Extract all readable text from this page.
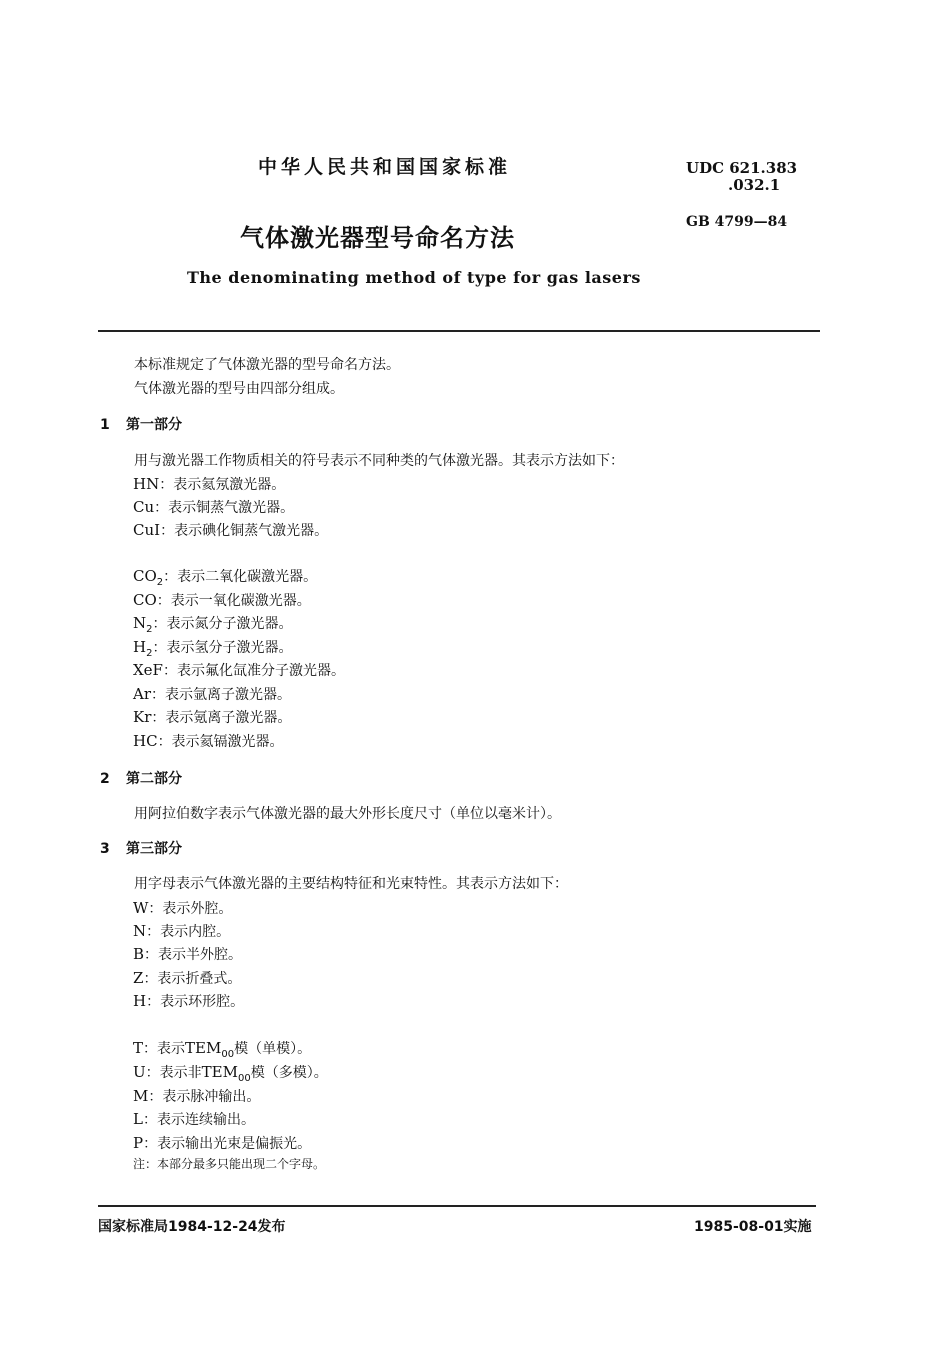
中华人民共和国国家标准	UDC 621.383
.032.1
气体激光器型号命名方法
GB 4799—84
The denominating method of type for gas lasers
本标准规定了气体激光器的型号命名方法。
气体激光器的型号由四部分组成。
1 第一部分
用与激光器工作物质相关的符号表示不同种类的气体激光器。其表示方法如下：
HN：表示氦氖激光器。
Cu：表示铜蒸气激光器。
CuI：表示碘化铜蒸气激光器。
$CO_2$：表示二氧化碳激光器。
CO：表示一氧化碳激光器。
$N_2$：表示氮分子激光器。
$H_2$：表示氢分子激光器。
XeF：表示氟化氙准分子激光器。
Ar：表示氩离子激光器。
Kr：表示氪离子激光器。
HC：表示氦镉激光器。
2 第二部分
用阿拉伯数字表示气体激光器的最大外形长度尺寸（单位以毫米计）。
3 第三部分
用字母表示气体激光器的主要结构特征和光束特性。其表示方法如下：
W：表示外腔。
N：表示内腔。
B：表示半外腔。
Z：表示折叠式。
H：表示环形腔。
T：表示$TEM_{00}$模（单模）。
U：表示非$TEM_{00}$模（多模）。
M：表示脉冲输出。
L：表示连续输出。
P：表示输出光束是偏振光。
注：本部分最多只能出现二个字母。
国家标准局1984-12-24发布	1985-08-01实施
